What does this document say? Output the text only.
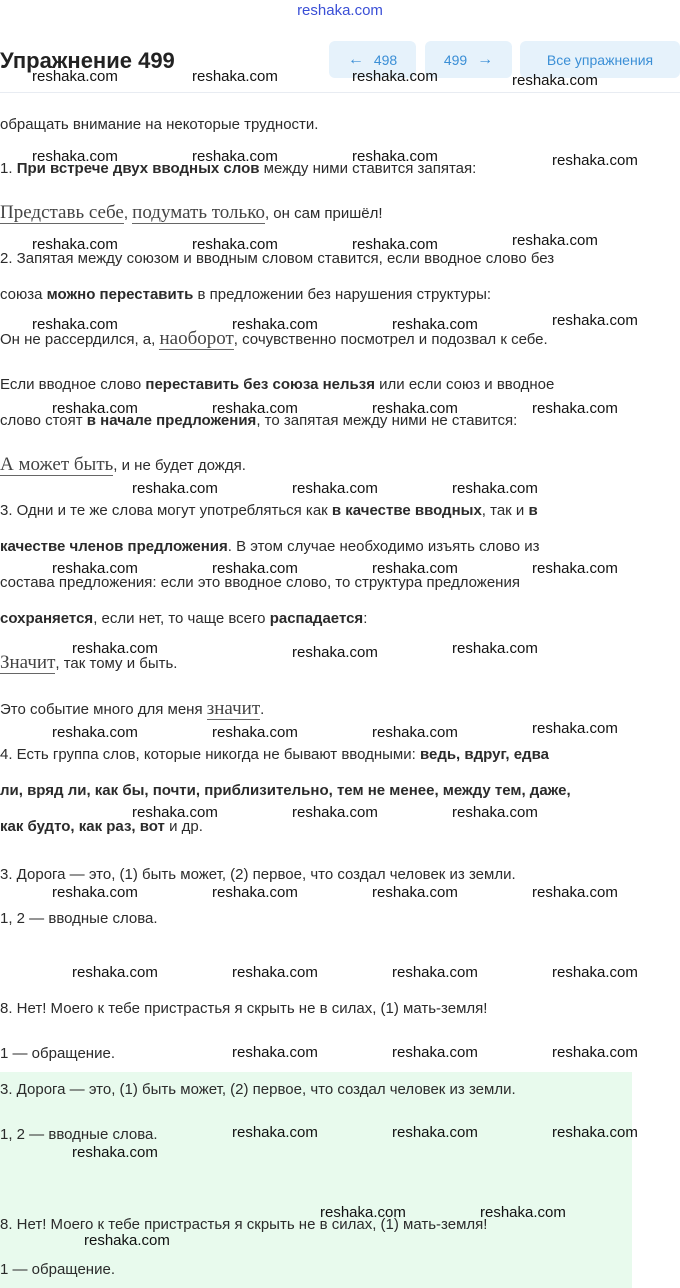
reshaka.com
Упражнение 499	← 498	499 →	Все упражнения
обращать внимание на некоторые трудности.
1. При встрече двух вводных слов между ними ставится запятая:
Представь себе, подумать только, он сам пришёл!
2. Запятая между союзом и вводным словом ставится, если вводное слово без
союза можно переставить в предложении без нарушения структуры:
Он не рассердился, а, наоборот, сочувственно посмотрел и подозвал к себе.
Если вводное слово переставить без союза нельзя или если союз и вводное
слово стоят в начале предложения, то запятая между ними не ставится:
А может быть, и не будет дождя.
3. Одни и те же слова могут употребляться как в качестве вводных, так и в
качестве членов предложения. В этом случае необходимо изъять слово из
состава предложения: если это вводное слово, то структура предложения
сохраняется, если нет, то чаще всего распадается:
Значит, так тому и быть.
Это событие много для меня значит.
4. Есть группа слов, которые никогда не бывают вводными: ведь, вдруг, едва
ли, вряд ли, как бы, почти, приблизительно, тем не менее, между тем, даже,
как будто, как раз, вот и др.
3. Дорога — это, (1) быть может, (2) первое, что создал человек из земли.
1, 2 — вводные слова.
8. Нет! Моего к тебе пристрастья я скрыть не в силах, (1) мать-земля!
1 — обращение.
3. Дорога — это, (1) быть может, (2) первое, что создал человек из земли.
1, 2 — вводные слова.
8. Нет! Моего к тебе пристрастья я скрыть не в силах, (1) мать-земля!
1 — обращение.
reshaka.com	reshaka.com	reshaka.com	reshaka.com
reshaka.com	reshaka.com	reshaka.com	reshaka.com
reshaka.com	reshaka.com	reshaka.com	reshaka.com
reshaka.com	reshaka.com	reshaka.com	reshaka.com
reshaka.com	reshaka.com	reshaka.com	reshaka.com
reshaka.com	reshaka.com	reshaka.com
reshaka.com	reshaka.com	reshaka.com	reshaka.com
reshaka.com	reshaka.com	reshaka.com
reshaka.com	reshaka.com	reshaka.com	reshaka.com
reshaka.com	reshaka.com	reshaka.com
reshaka.com	reshaka.com	reshaka.com	reshaka.com
reshaka.com	reshaka.com	reshaka.com	reshaka.com
reshaka.com	reshaka.com	reshaka.com
reshaka.com	reshaka.com	reshaka.com
reshaka.com
reshaka.com	reshaka.com
reshaka.com
